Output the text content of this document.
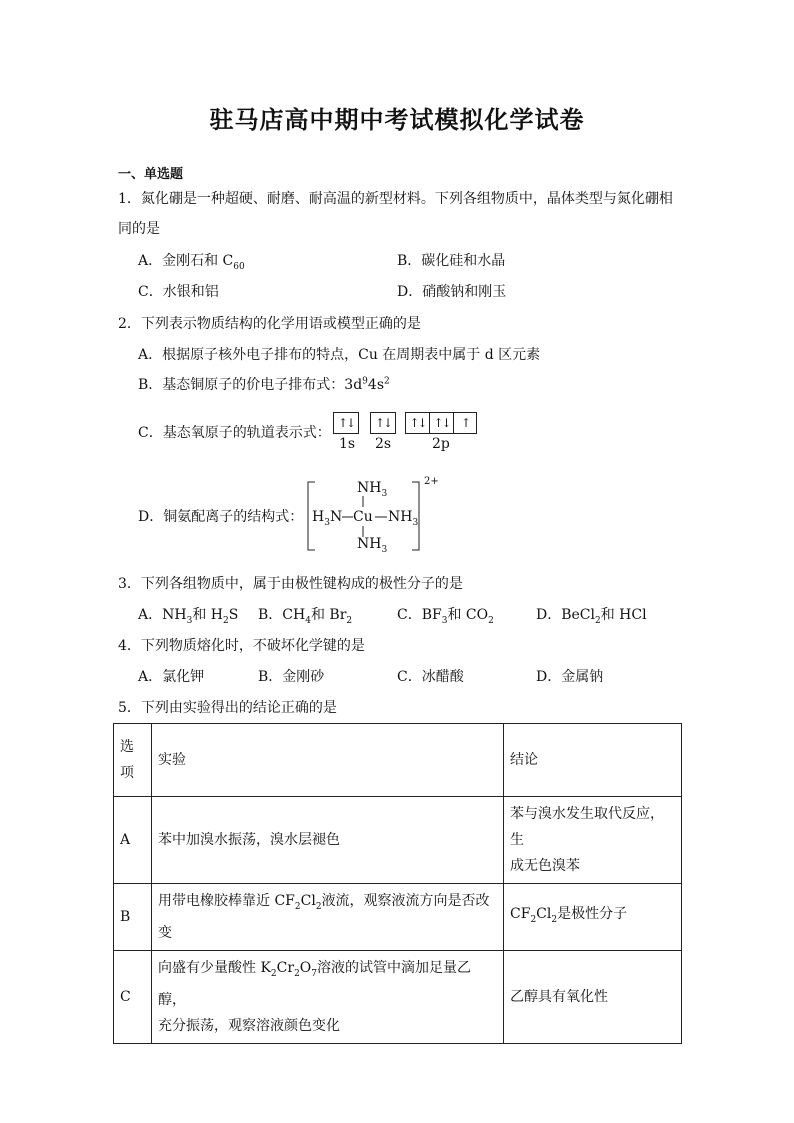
驻马店高中期中考试模拟化学试卷
一、单选题
1．氮化硼是一种超硬、耐磨、耐高温的新型材料。下列各组物质中，晶体类型与氮化硼相
同的是
A．金刚石和 $C_{60}$	B．碳化硅和水晶
C．水银和铝	D．硝酸钠和刚玉
2．下列表示物质结构的化学用语或模型正确的是
A．根据原子核外电子排布的特点，Cu 在周期表中属于 d 区元素
B．基态铜原子的价电子排布式：$3d^94s^2$
C．基态氧原子的轨道表示式：
↑↓	↑↓	↑↓ ↑↓ ↑
1s 2s	2p
D．铜氨配离子的结构式：
$NH_3$
$H_3N$ Cu $NH_3$
$NH_3$
2+
3．下列各组物质中，属于由极性键构成的极性分子的是
A．$NH_3$和 $H_2S$ B．$CH_4$和 $Br_2$	C．$BF_3$和 $CO_2$	D．BeCl$_2$和 HCl
4．下列物质熔化时，不破坏化学键的是
A．氯化钾	B．金刚砂	C．冰醋酸	D．金属钠
5．下列由实验得出的结论正确的是
选
项	实验	结论
A	苯中加溴水振荡，溴水层褪色	苯与溴水发生取代反应，生
成无色溴苯
B	用带电橡胶棒靠近 $CF_2Cl_2$液流，观察液流方向是否改变	$CF_2Cl_2$是极性分子
C	向盛有少量酸性 $K_2Cr_2O_7$溶液的试管中滴加足量乙醇，
充分振荡，观察溶液颜色变化	乙醇具有氧化性
